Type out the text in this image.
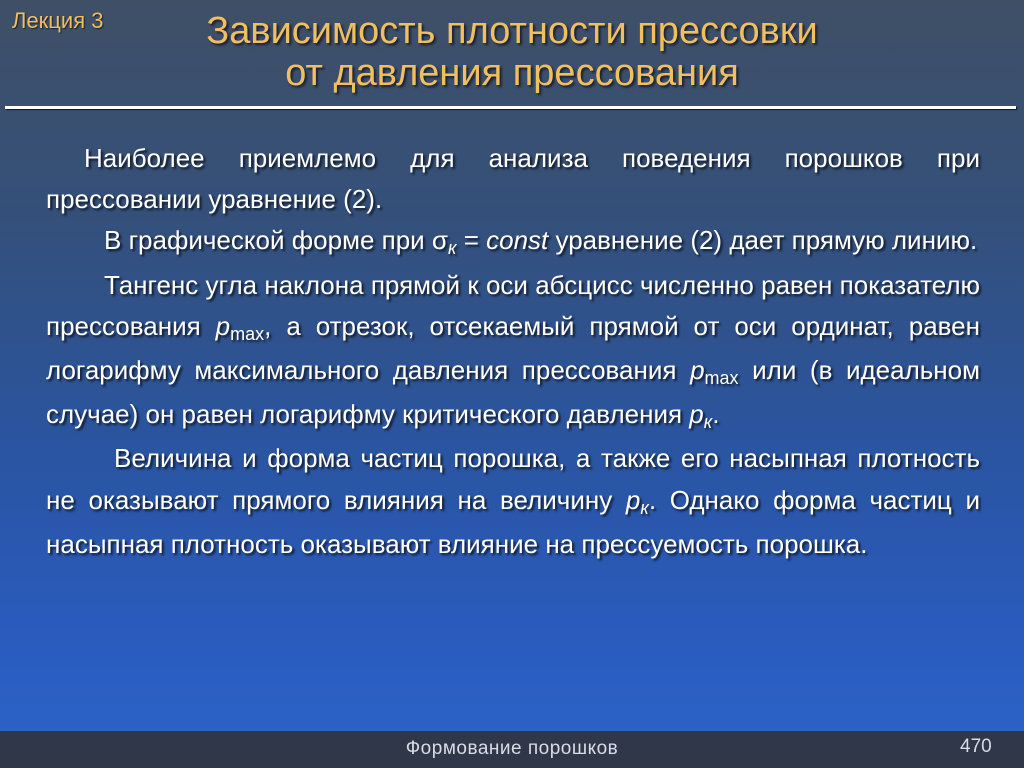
Лекция 3	Зависимость плотности прессовки
от давления прессования

Наиболее приемлемо для анализа поведения порошков при прессовании уравнение (2).

В графической форме при σк = const уравнение (2) дает прямую линию.

Тангенс угла наклона прямой к оси абсцисс численно равен показателю прессования pmax, а отрезок, отсекаемый прямой от оси ординат, равен логарифму максимального давления прессования pmax или (в идеальном случае) он равен логарифму критического давления pк.

Величина и форма частиц порошка, а также его насыпная плотность не оказывают прямого влияния на величину pк. Однако форма частиц и насыпная плотность оказывают влияние на прессуемость порошка.

Формование порошков	470
